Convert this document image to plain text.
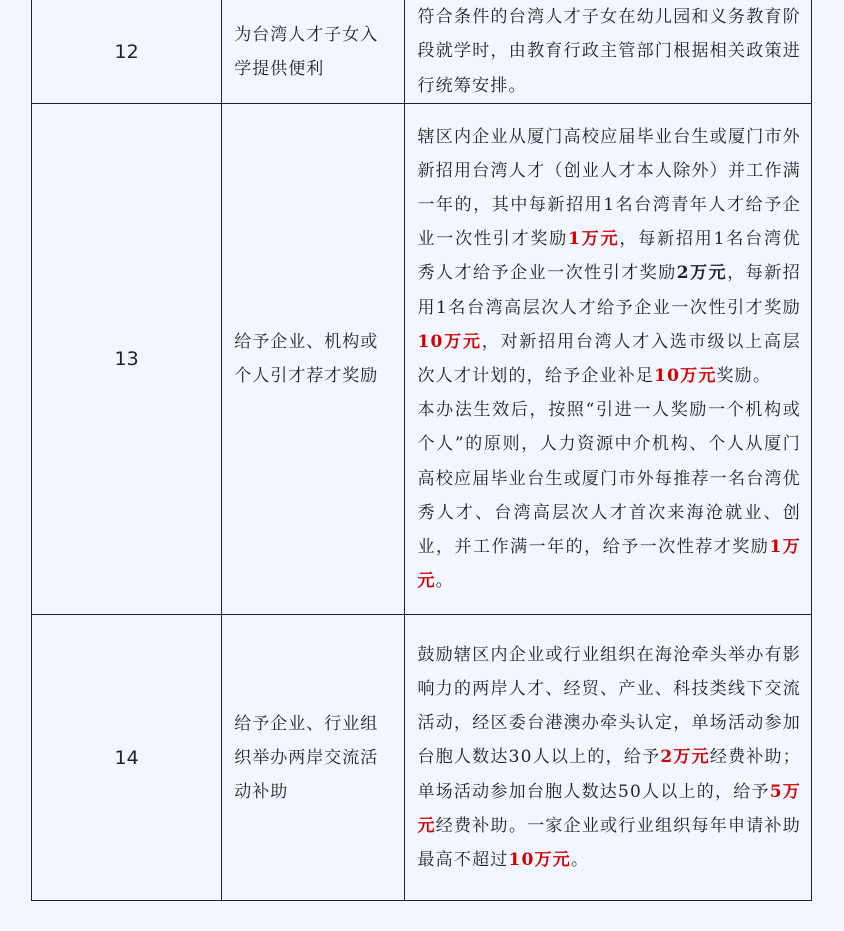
12	为台湾人才子女入学提供便利	符合条件的台湾人才子女在幼儿园和义务教育阶段就学时，由教育行政主管部门根据相关政策进行统筹安排。

13	给予企业、机构或个人引才荐才奖励	辖区内企业从厦门高校应届毕业台生或厦门市外新招用台湾人才（创业人才本人除外）并工作满一年的，其中每新招用1名台湾青年人才给予企业一次性引才奖励1万元，每新招用1名台湾优秀人才给予企业一次性引才奖励2万元，每新招用1名台湾高层次人才给予企业一次性引才奖励10万元，对新招用台湾人才入选市级以上高层次人才计划的，给予企业补足10万元奖励。

本办法生效后，按照“引进一人奖励一个机构或个人”的原则，人力资源中介机构、个人从厦门高校应届毕业台生或厦门市外每推荐一名台湾优秀人才、台湾高层次人才首次来海沧就业、创业，并工作满一年的，给予一次性荐才奖励1万元。

14	给予企业、行业组织举办两岸交流活动补助	鼓励辖区内企业或行业组织在海沧牵头举办有影响力的两岸人才、经贸、产业、科技类线下交流活动，经区委台港澳办牵头认定，单场活动参加台胞人数达30人以上的，给予2万元经费补助；单场活动参加台胞人数达50人以上的，给予5万元经费补助。一家企业或行业组织每年申请补助最高不超过10万元。
